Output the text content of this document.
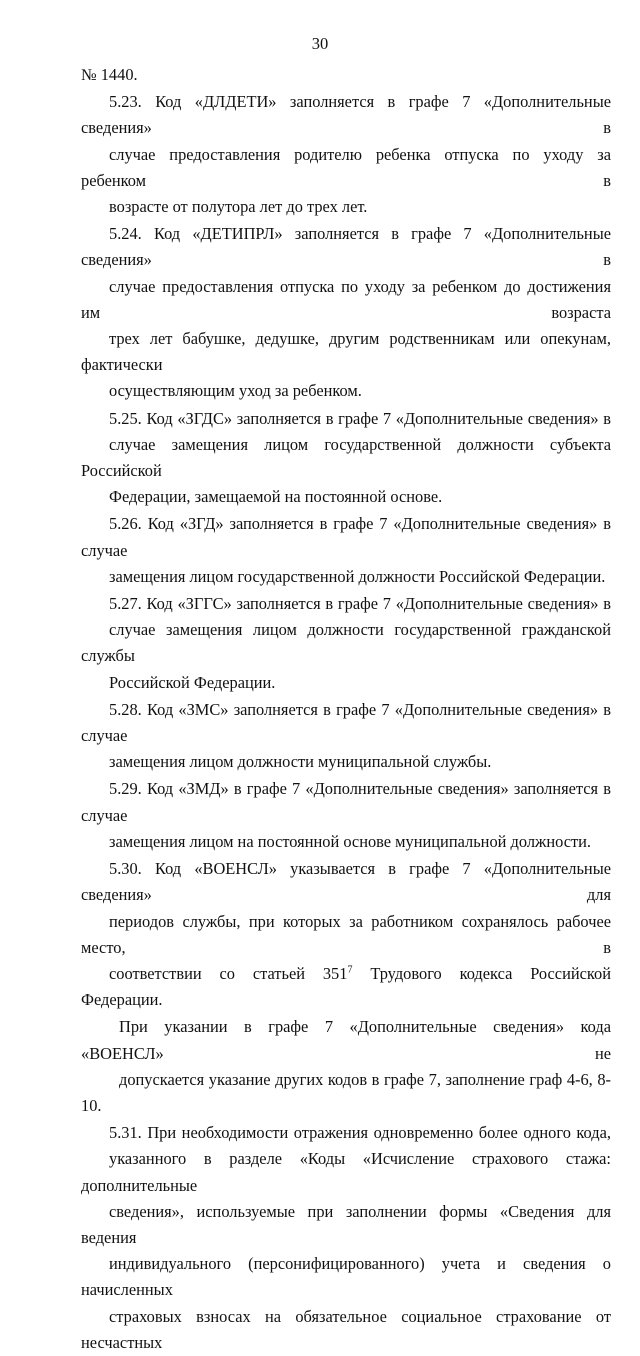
30

№ 1440.

5.23. Код «ДЛДЕТИ» заполняется в графе 7 «Дополнительные сведения» в
случае предоставления родителю ребенка отпуска по уходу за ребенком в
возрасте от полутора лет до трех лет.

5.24. Код «ДЕТИПРЛ» заполняется в графе 7 «Дополнительные сведения» в
случае предоставления отпуска по уходу за ребенком до достижения им возраста
трех лет бабушке, дедушке, другим родственникам или опекунам, фактически
осуществляющим уход за ребенком.

5.25. Код «ЗГДС» заполняется в графе 7 «Дополнительные сведения» в
случае замещения лицом государственной должности субъекта Российской
Федерации, замещаемой на постоянной основе.

5.26. Код «ЗГД» заполняется в графе 7 «Дополнительные сведения» в случае
замещения лицом государственной должности Российской Федерации.

5.27. Код «ЗГГС» заполняется в графе 7 «Дополнительные сведения» в
случае замещения лицом должности государственной гражданской службы
Российской Федерации.

5.28. Код «ЗМС» заполняется в графе 7 «Дополнительные сведения» в случае
замещения лицом должности муниципальной службы.

5.29. Код «ЗМД» в графе 7 «Дополнительные сведения» заполняется в случае
замещения лицом на постоянной основе муниципальной должности.

5.30. Код «ВОЕНСЛ» указывается в графе 7 «Дополнительные сведения» для
периодов службы, при которых за работником сохранялось рабочее место, в
соответствии со статьей $351^7$ Трудового кодекса Российской Федерации.

При указании в графе 7 «Дополнительные сведения» кода «ВОЕНСЛ» не
допускается указание других кодов в графе 7, заполнение граф 4-6, 8-10.

5.31. При необходимости отражения одновременно более одного кода,
указанного в разделе «Коды «Исчисление страхового стажа: дополнительные
сведения», используемые при заполнении формы «Сведения для ведения
индивидуального (персонифицированного) учета и сведения о начисленных
страховых взносах на обязательное социальное страхование от несчастных
